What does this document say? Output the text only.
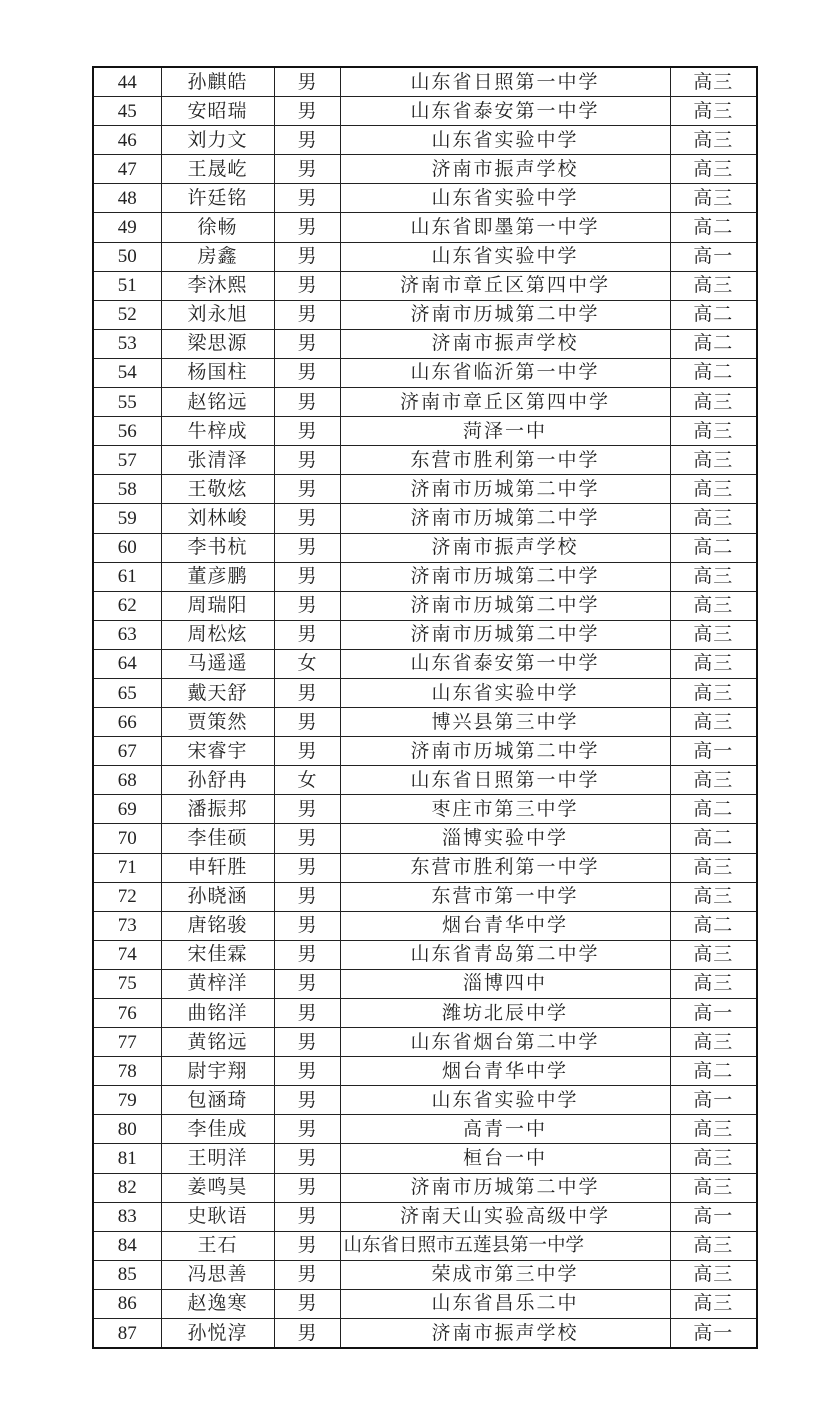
44	孙麒皓	男	山东省日照第一中学	高三
45	安昭瑞	男	山东省泰安第一中学	高三
46	刘力文	男	山东省实验中学	高三
47	王晟屹	男	济南市振声学校	高三
48	许廷铭	男	山东省实验中学	高三
49	徐畅	男	山东省即墨第一中学	高二
50	房鑫	男	山东省实验中学	高一
51	李沐熙	男	济南市章丘区第四中学	高三
52	刘永旭	男	济南市历城第二中学	高二
53	梁思源	男	济南市振声学校	高二
54	杨国柱	男	山东省临沂第一中学	高二
55	赵铭远	男	济南市章丘区第四中学	高三
56	牛梓成	男	菏泽一中	高三
57	张清泽	男	东营市胜利第一中学	高三
58	王敬炫	男	济南市历城第二中学	高三
59	刘林峻	男	济南市历城第二中学	高三
60	李书杭	男	济南市振声学校	高二
61	董彦鹏	男	济南市历城第二中学	高三
62	周瑞阳	男	济南市历城第二中学	高三
63	周松炫	男	济南市历城第二中学	高三
64	马遥遥	女	山东省泰安第一中学	高三
65	戴天舒	男	山东省实验中学	高三
66	贾策然	男	博兴县第三中学	高三
67	宋睿宇	男	济南市历城第二中学	高一
68	孙舒冉	女	山东省日照第一中学	高三
69	潘振邦	男	枣庄市第三中学	高二
70	李佳硕	男	淄博实验中学	高二
71	申轩胜	男	东营市胜利第一中学	高三
72	孙晓涵	男	东营市第一中学	高三
73	唐铭骏	男	烟台青华中学	高二
74	宋佳霖	男	山东省青岛第二中学	高三
75	黄梓洋	男	淄博四中	高三
76	曲铭洋	男	潍坊北辰中学	高一
77	黄铭远	男	山东省烟台第二中学	高三
78	尉宇翔	男	烟台青华中学	高二
79	包涵琦	男	山东省实验中学	高一
80	李佳成	男	高青一中	高三
81	王明洋	男	桓台一中	高三
82	姜鸣昊	男	济南市历城第二中学	高三
83	史耿语	男	济南天山实验高级中学	高一
84	王石	男	山东省日照市五莲县第一中学	高三
85	冯思善	男	荣成市第三中学	高三
86	赵逸寒	男	山东省昌乐二中	高三
87	孙悦淳	男	济南市振声学校	高一
